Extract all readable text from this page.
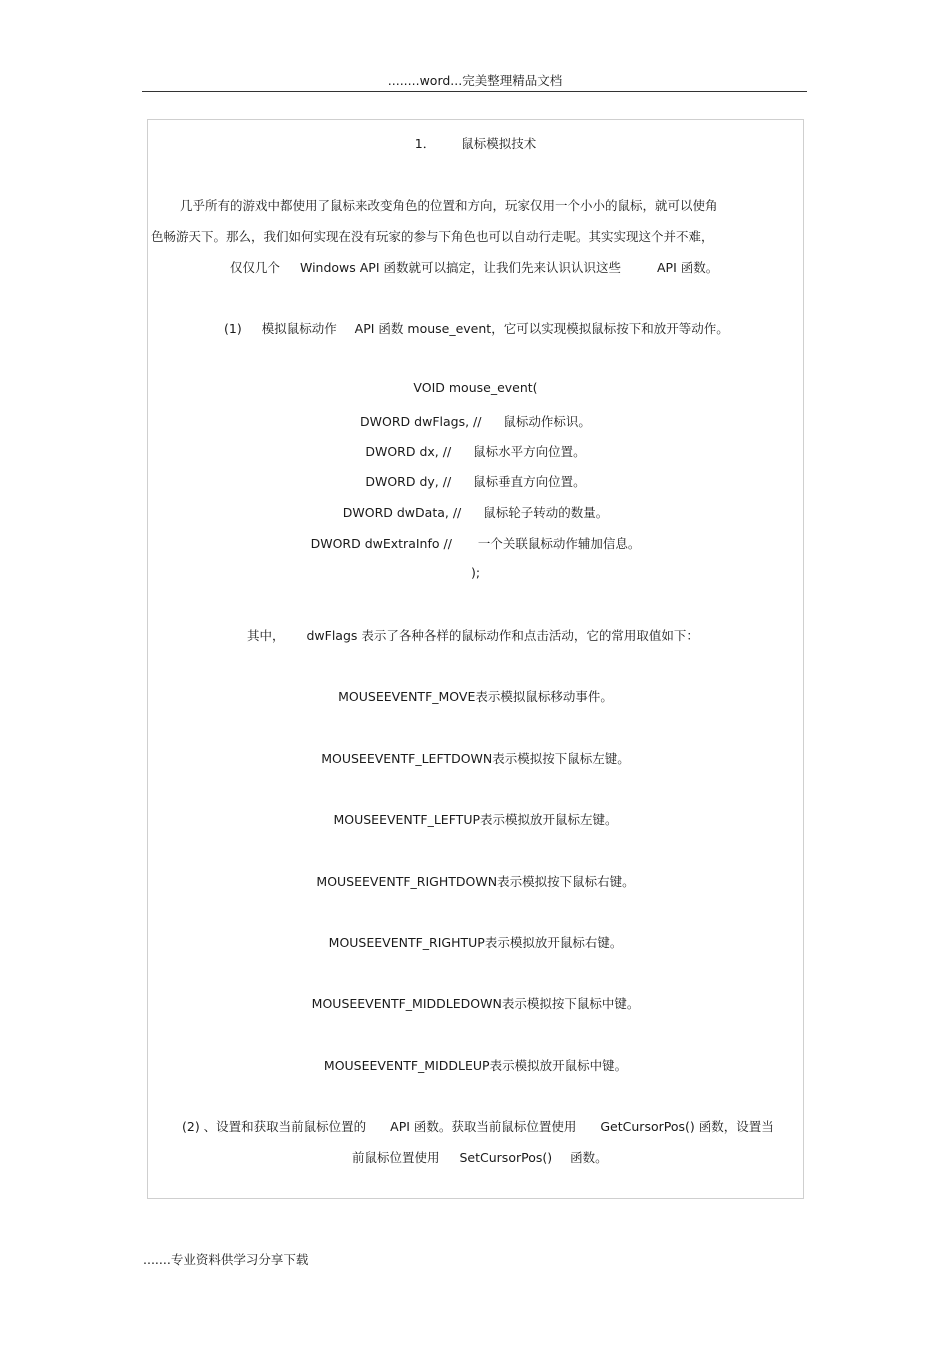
........word...完美整理精品文档
1． 鼠标模拟技术
几乎所有的游戏中都使用了鼠标来改变角色的位置和方向，玩家仅用一个小小的鼠标，就可以使角
色畅游天下。那么，我们如何实现在没有玩家的参与下角色也可以自动行走呢。其实实现这个并不难，
仅仅几个 Windows API 函数就可以搞定，让我们先来认识认识这些	API 函数。
(1) 模拟鼠标动作 API 函数 mouse_event，它可以实现模拟鼠标按下和放开等动作。
VOID mouse_event(
DWORD dwFlags, // 鼠标动作标识。
DWORD dx, // 鼠标水平方向位置。
DWORD dy, // 鼠标垂直方向位置。
DWORD dwData, // 鼠标轮子转动的数量。
DWORD dwExtraInfo // 一个关联鼠标动作辅加信息。
);
其中， dwFlags 表示了各种各样的鼠标动作和点击活动，它的常用取值如下：
MOUSEEVENTF_MOVE表示模拟鼠标移动事件。
MOUSEEVENTF_LEFTDOWN表示模拟按下鼠标左键。
MOUSEEVENTF_LEFTUP表示模拟放开鼠标左键。
MOUSEEVENTF_RIGHTDOWN表示模拟按下鼠标右键。
MOUSEEVENTF_RIGHTUP表示模拟放开鼠标右键。
MOUSEEVENTF_MIDDLEDOWN表示模拟按下鼠标中键。
MOUSEEVENTF_MIDDLEUP表示模拟放开鼠标中键。
(2) 、设置和获取当前鼠标位置的 API 函数。获取当前鼠标位置使用 GetCursorPos() 函数，设置当
前鼠标位置使用 SetCursorPos() 函数。
.......专业资料供学习分享下载
